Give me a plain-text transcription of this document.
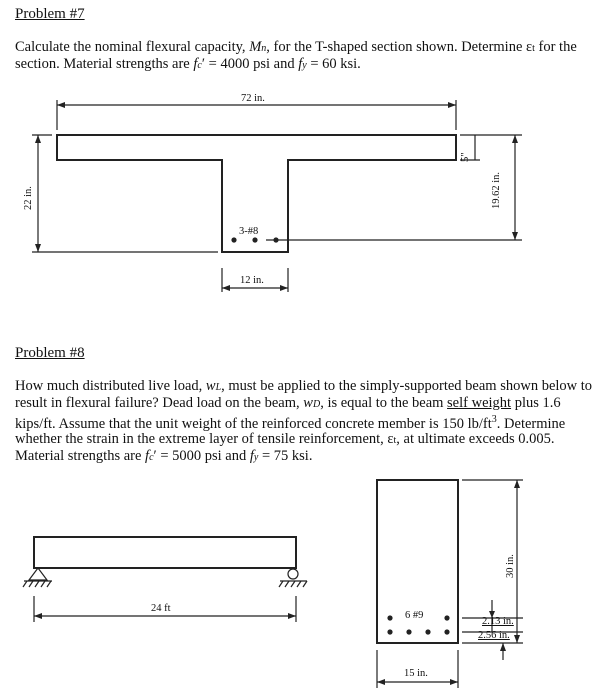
Problem #7
Calculate the nominal flexural capacity, Mn, for the T-shaped section shown. Determine εt for the section. Material strengths are fc′ = 4000 psi and fy = 60 ksi.
72 in.
22 in.
5"
19.62 in.
3-#8
12 in.
Problem #8
How much distributed live load, wL, must be applied to the simply-supported beam shown below to result in flexural failure? Dead load on the beam, wD, is equal to the beam self weight plus 1.6 kips/ft. Assume that the unit weight of the reinforced concrete member is 150 $lb/ft^3$. Determine whether the strain in the extreme layer of tensile reinforcement, εt, at ultimate exceeds 0.005. Material strengths are fc′ = 5000 psi and fy = 75 ksi.
24 ft
30 in.
6 #9
2.13 in.
2.56 in.
15 in.
